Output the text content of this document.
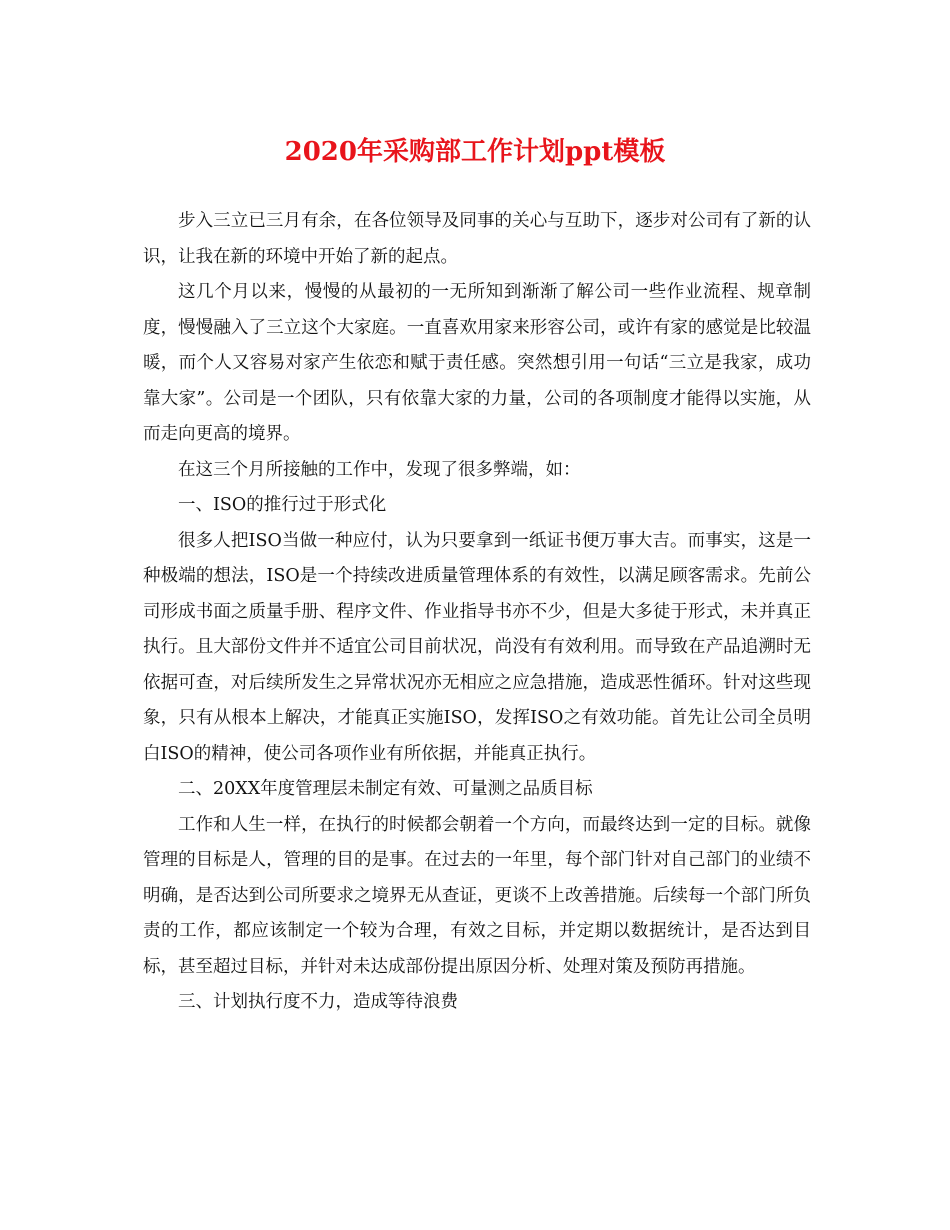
2020年采购部工作计划ppt模板

步入三立已三月有余，在各位领导及同事的关心与互助下，逐步对公司有了新的认识，让我在新的环境中开始了新的起点。

这几个月以来，慢慢的从最初的一无所知到渐渐了解公司一些作业流程、规章制度，慢慢融入了三立这个大家庭。一直喜欢用家来形容公司，或许有家的感觉是比较温暖，而个人又容易对家产生依恋和赋于责任感。突然想引用一句话“三立是我家，成功靠大家”。公司是一个团队，只有依靠大家的力量，公司的各项制度才能得以实施，从而走向更高的境界。

在这三个月所接触的工作中，发现了很多弊端，如：

一、ISO的推行过于形式化

很多人把ISO当做一种应付，认为只要拿到一纸证书便万事大吉。而事实，这是一种极端的想法，ISO是一个持续改进质量管理体系的有效性，以满足顾客需求。先前公司形成书面之质量手册、程序文件、作业指导书亦不少，但是大多徒于形式，未并真正执行。且大部份文件并不适宜公司目前状况，尚没有有效利用。而导致在产品追溯时无依据可查，对后续所发生之异常状况亦无相应之应急措施，造成恶性循环。针对这些现象，只有从根本上解决，才能真正实施ISO，发挥ISO之有效功能。首先让公司全员明白ISO的精神，使公司各项作业有所依据，并能真正执行。

二、20XX年度管理层未制定有效、可量测之品质目标

工作和人生一样，在执行的时候都会朝着一个方向，而最终达到一定的目标。就像管理的目标是人，管理的目的是事。在过去的一年里，每个部门针对自己部门的业绩不明确，是否达到公司所要求之境界无从查证，更谈不上改善措施。后续每一个部门所负责的工作，都应该制定一个较为合理，有效之目标，并定期以数据统计，是否达到目标，甚至超过目标，并针对未达成部份提出原因分析、处理对策及预防再措施。

三、计划执行度不力，造成等待浪费
